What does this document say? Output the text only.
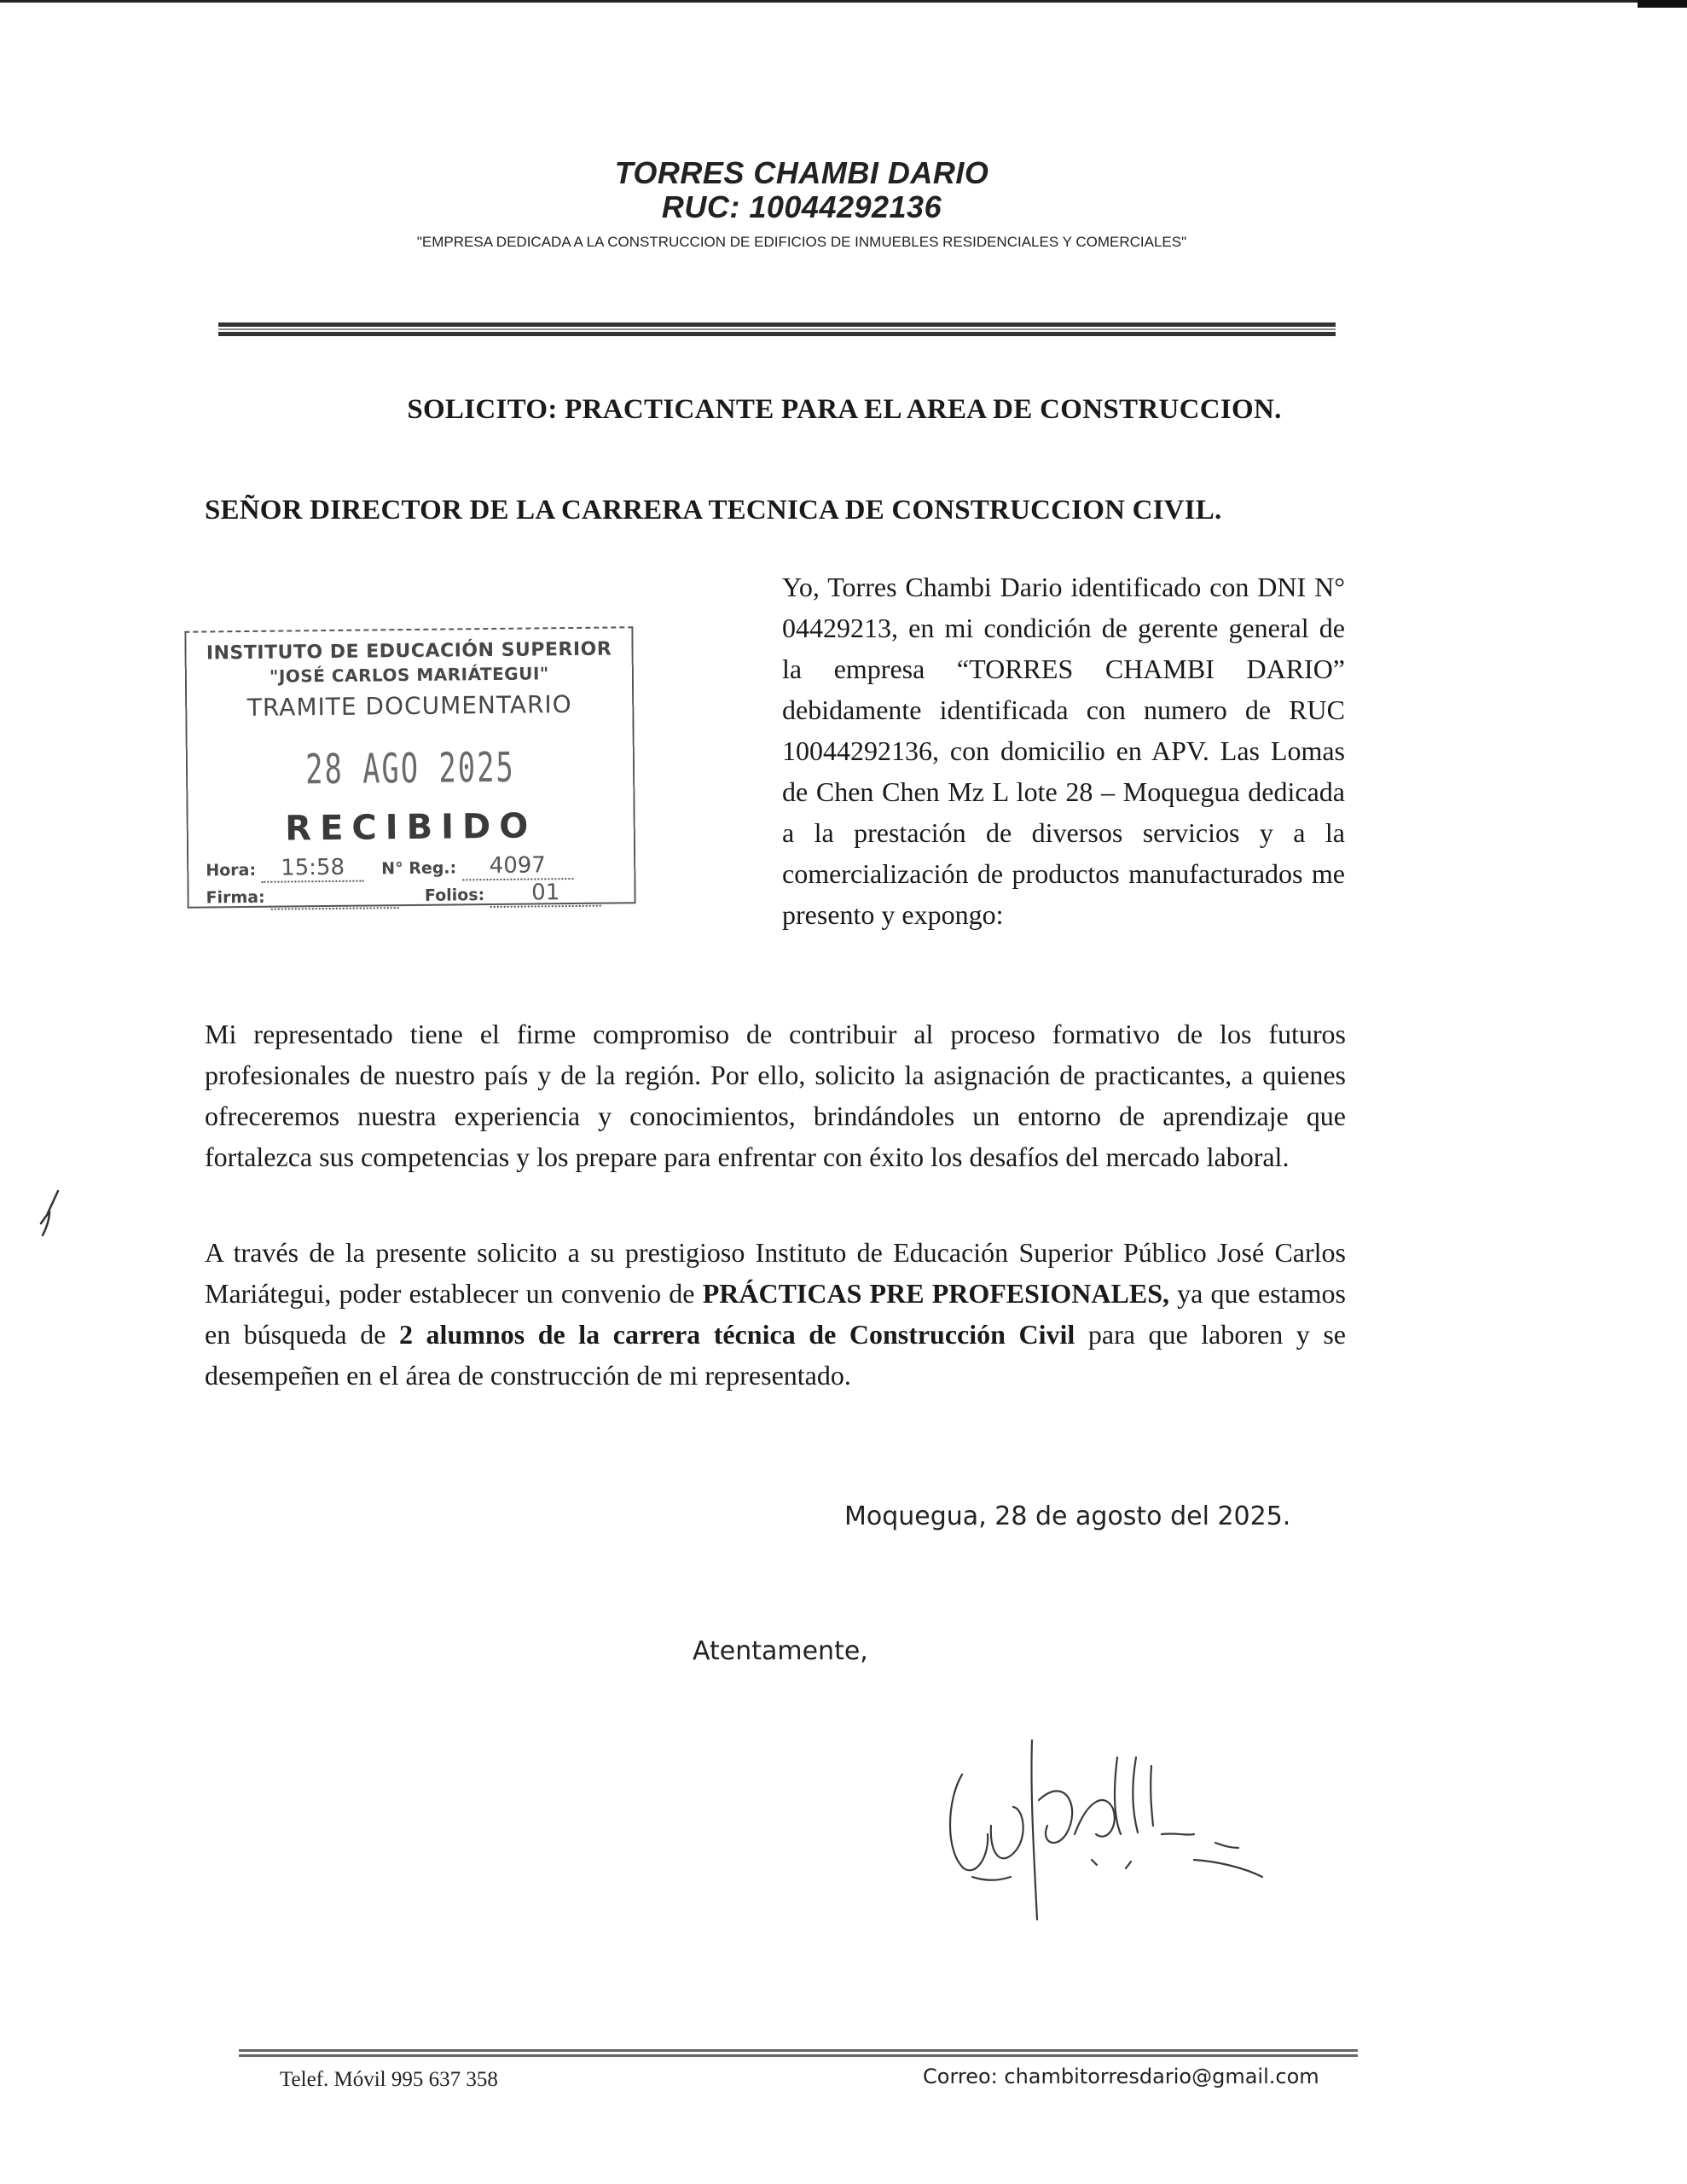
TORRES CHAMBI DARIO
RUC: 10044292136
"EMPRESA DEDICADA A LA CONSTRUCCION DE EDIFICIOS DE INMUEBLES RESIDENCIALES Y COMERCIALES"
SOLICITO: PRACTICANTE PARA EL AREA DE CONSTRUCCION.
SEÑOR DIRECTOR DE LA CARRERA TECNICA DE CONSTRUCCION CIVIL.
INSTITUTO DE EDUCACIÓN SUPERIOR
"JOSÉ CARLOS MARIÁTEGUI"
TRAMITE DOCUMENTARIO
28 AGO 2025
RECIBIDO
Hora: 15:58 N° Reg.: 4097
Firma:	​	Folios: 01
Yo, Torres Chambi Dario identificado con DNI N° 04429213, en mi condición de gerente general de la empresa “TORRES CHAMBI DARIO” debidamente identificada con numero de RUC 10044292136, con domicilio en APV. Las Lomas de Chen Chen Mz L lote 28 – Moquegua dedicada a la prestación de diversos servicios y a la comercialización de productos manufacturados me presento y expongo:
Mi representado tiene el firme compromiso de contribuir al proceso formativo de los futuros profesionales de nuestro país y de la región. Por ello, solicito la asignación de practicantes, a quienes ofreceremos nuestra experiencia y conocimientos, brindándoles un entorno de aprendizaje que fortalezca sus competencias y los prepare para enfrentar con éxito los desafíos del mercado laboral.
A través de la presente solicito a su prestigioso Instituto de Educación Superior Público José Carlos Mariátegui, poder establecer un convenio de PRÁCTICAS PRE PROFESIONALES, ya que estamos en búsqueda de 2 alumnos de la carrera técnica de Construcción Civil para que laboren y se desempeñen en el área de construcción de mi representado.
Moquegua, 28 de agosto del 2025.
Atentamente,
Telef. Móvil 995 637 358	Correo: chambitorresdario@gmail.com
